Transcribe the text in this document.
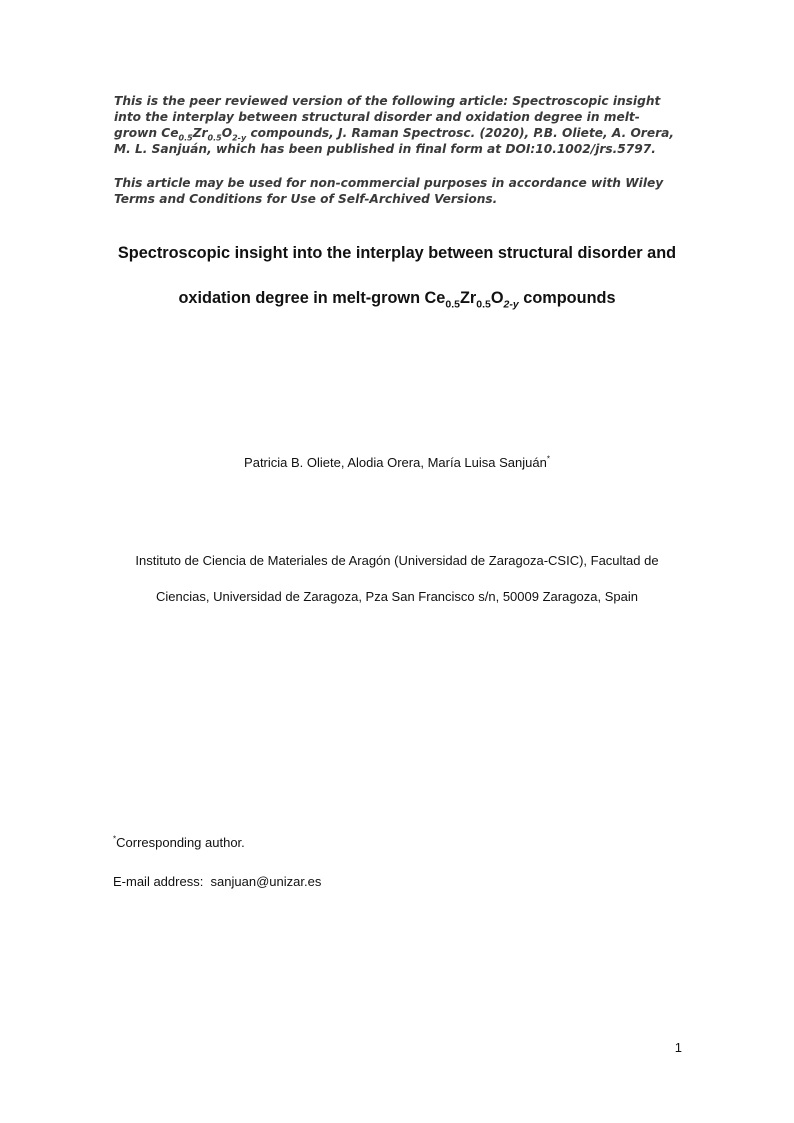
This is the peer reviewed version of the following article: Spectroscopic insight into the interplay between structural disorder and oxidation degree in melt-grown $Ce_{0.5}Zr_{0.5}O_{2-y}$ compounds, J. Raman Spectrosc. (2020), P.B. Oliete, A. Orera, M. L. Sanjuán, which has been published in final form at DOI:10.1002/jrs.5797.

This article may be used for non-commercial purposes in accordance with Wiley Terms and Conditions for Use of Self-Archived Versions.

Spectroscopic insight into the interplay between structural disorder and
oxidation degree in melt-grown $Ce_{0.5}Zr_{0.5}O_{2-y}$ compounds

Patricia B. Oliete, Alodia Orera, María Luisa Sanjuán*

Instituto de Ciencia de Materiales de Aragón (Universidad de Zaragoza-CSIC), Facultad de

Ciencias, Universidad de Zaragoza, Pza San Francisco s/n, 50009 Zaragoza, Spain

*Corresponding author.

E-mail address:  sanjuan@unizar.es

1
